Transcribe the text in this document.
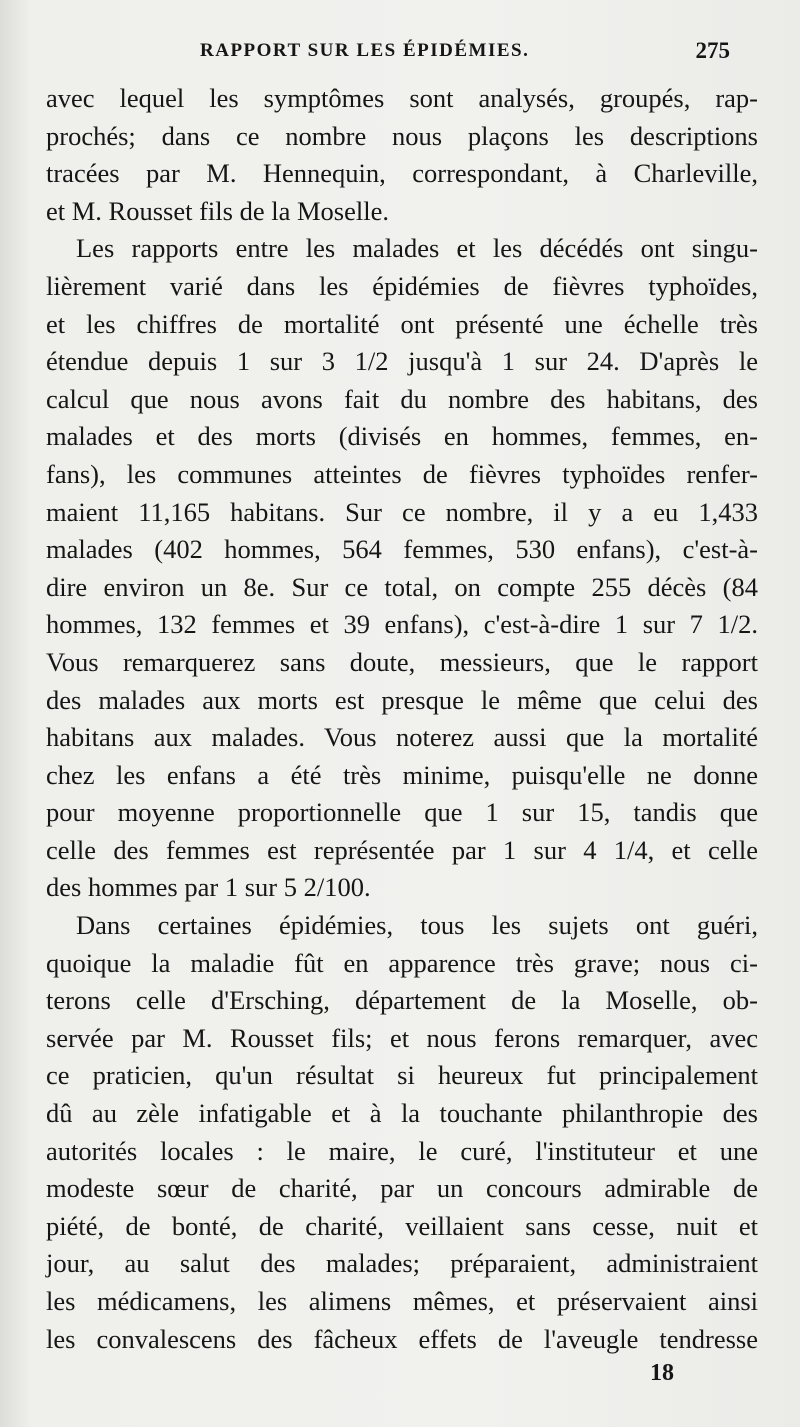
RAPPORT SUR LES ÉPIDÉMIES.	275
avec lequel les symptômes sont analysés, groupés, rap-
prochés; dans ce nombre nous plaçons les descriptions
tracées par M. Hennequin, correspondant, à Charleville,
et M. Rousset fils de la Moselle.
Les rapports entre les malades et les décédés ont singu-
lièrement varié dans les épidémies de fièvres typhoïdes,
et les chiffres de mortalité ont présenté une échelle très
étendue depuis 1 sur 3 1/2 jusqu'à 1 sur 24. D'après le
calcul que nous avons fait du nombre des habitans, des
malades et des morts (divisés en hommes, femmes, en-
fans), les communes atteintes de fièvres typhoïdes renfer-
maient 11,165 habitans. Sur ce nombre, il y a eu 1,433
malades (402 hommes, 564 femmes, 530 enfans), c'est-à-
dire environ un 8e. Sur ce total, on compte 255 décès (84
hommes, 132 femmes et 39 enfans), c'est-à-dire 1 sur 7 1/2.
Vous remarquerez sans doute, messieurs, que le rapport
des malades aux morts est presque le même que celui des
habitans aux malades. Vous noterez aussi que la mortalité
chez les enfans a été très minime, puisqu'elle ne donne
pour moyenne proportionnelle que 1 sur 15, tandis que
celle des femmes est représentée par 1 sur 4 1/4, et celle
des hommes par 1 sur 5 2/100.
Dans certaines épidémies, tous les sujets ont guéri,
quoique la maladie fût en apparence très grave; nous ci-
terons celle d'Ersching, département de la Moselle, ob-
servée par M. Rousset fils; et nous ferons remarquer, avec
ce praticien, qu'un résultat si heureux fut principalement
dû au zèle infatigable et à la touchante philanthropie des
autorités locales : le maire, le curé, l'instituteur et une
modeste sœur de charité, par un concours admirable de
piété, de bonté, de charité, veillaient sans cesse, nuit et
jour, au salut des malades; préparaient, administraient
les médicamens, les alimens mêmes, et préservaient ainsi
les convalescens des fâcheux effets de l'aveugle tendresse
18
